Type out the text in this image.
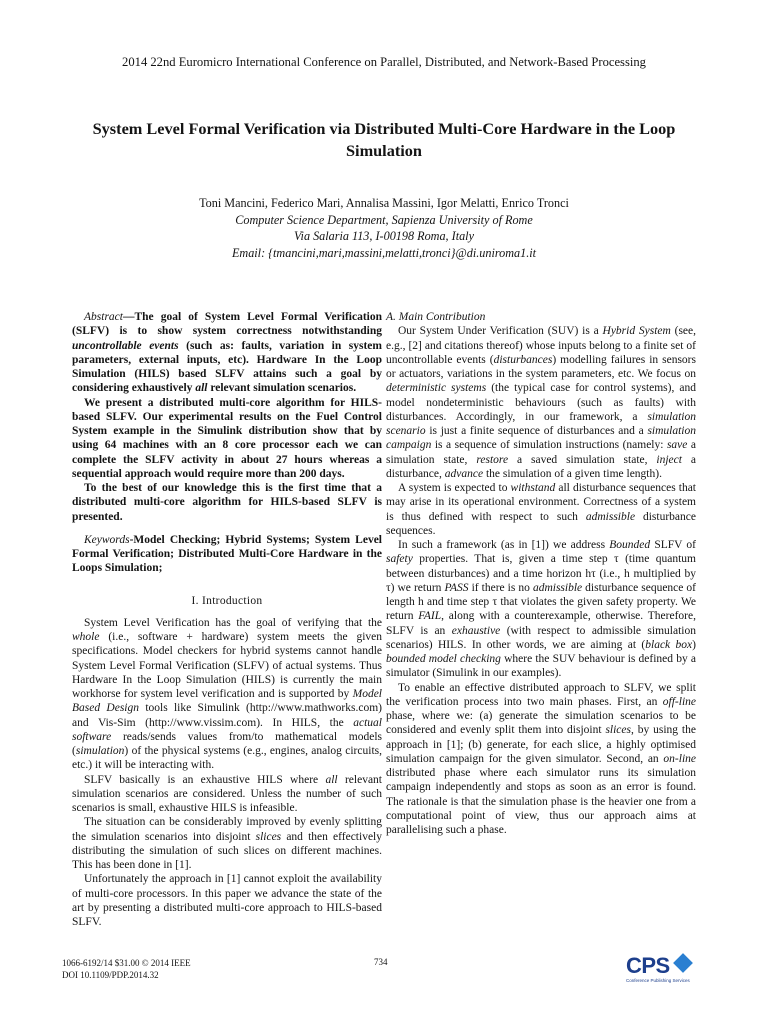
2014 22nd Euromicro International Conference on Parallel, Distributed, and Network-Based Processing
System Level Formal Verification via Distributed Multi-Core Hardware in the Loop Simulation
Toni Mancini, Federico Mari, Annalisa Massini, Igor Melatti, Enrico Tronci
Computer Science Department, Sapienza University of Rome
Via Salaria 113, I-00198 Roma, Italy
Email: {tmancini,mari,massini,melatti,tronci}@di.uniroma1.it

Abstract—The goal of System Level Formal Verification (SLFV) is to show system correctness notwithstanding uncontrollable events (such as: faults, variation in system parameters, external inputs, etc). Hardware In the Loop Simulation (HILS) based SLFV attains such a goal by considering exhaustively all relevant simulation scenarios.

We present a distributed multi-core algorithm for HILS-based SLFV. Our experimental results on the Fuel Control System example in the Simulink distribution show that by using 64 machines with an 8 core processor each we can complete the SLFV activity in about 27 hours whereas a sequential approach would require more than 200 days.

To the best of our knowledge this is the first time that a distributed multi-core algorithm for HILS-based SLFV is presented.

Keywords-Model Checking; Hybrid Systems; System Level Formal Verification; Distributed Multi-Core Hardware in the Loops Simulation;

I. Introduction

System Level Verification has the goal of verifying that the whole (i.e., software + hardware) system meets the given specifications. Model checkers for hybrid systems cannot handle System Level Formal Verification (SLFV) of actual systems. Thus Hardware In the Loop Simulation (HILS) is currently the main workhorse for system level verification and is supported by Model Based Design tools like Simulink (http://www.mathworks.com) and Vis-Sim (http://www.vissim.com). In HILS, the actual software reads/sends values from/to mathematical models (simulation) of the physical systems (e.g., engines, analog circuits, etc.) it will be interacting with.

SLFV basically is an exhaustive HILS where all relevant simulation scenarios are considered. Unless the number of such scenarios is small, exhaustive HILS is infeasible.

The situation can be considerably improved by evenly splitting the simulation scenarios into disjoint slices and then effectively distributing the simulation of such slices on different machines. This has been done in [1].

Unfortunately the approach in [1] cannot exploit the availability of multi-core processors. In this paper we advance the state of the art by presenting a distributed multi-core approach to HILS-based SLFV.

A. Main Contribution

Our System Under Verification (SUV) is a Hybrid System (see, e.g., [2] and citations thereof) whose inputs belong to a finite set of uncontrollable events (disturbances) modelling failures in sensors or actuators, variations in the system parameters, etc. We focus on deterministic systems (the typical case for control systems), and model nondeterministic behaviours (such as faults) with disturbances. Accordingly, in our framework, a simulation scenario is just a finite sequence of disturbances and a simulation campaign is a sequence of simulation instructions (namely: save a simulation state, restore a saved simulation state, inject a disturbance, advance the simulation of a given time length).

A system is expected to withstand all disturbance sequences that may arise in its operational environment. Correctness of a system is thus defined with respect to such admissible disturbance sequences.

In such a framework (as in [1]) we address Bounded SLFV of safety properties. That is, given a time step τ (time quantum between disturbances) and a time horizon hτ (i.e., h multiplied by τ) we return PASS if there is no admissible disturbance sequence of length h and time step τ that violates the given safety property. We return FAIL, along with a counterexample, otherwise. Therefore, SLFV is an exhaustive (with respect to admissible simulation scenarios) HILS. In other words, we are aiming at (black box) bounded model checking where the SUV behaviour is defined by a simulator (Simulink in our examples).

To enable an effective distributed approach to SLFV, we split the verification process into two main phases. First, an off-line phase, where we: (a) generate the simulation scenarios to be considered and evenly split them into disjoint slices, by using the approach in [1]; (b) generate, for each slice, a highly optimised simulation campaign for the given simulator. Second, an on-line distributed phase where each simulator runs its simulation campaign independently and stops as soon as an error is found. The rationale is that the simulation phase is the heavier one from a computational point of view, thus our approach aims at parallelising such a phase.

1066-6192/14 $31.00 © 2014 IEEE
DOI 10.1109/PDP.2014.32
734	CPS
Conference Publishing Services
